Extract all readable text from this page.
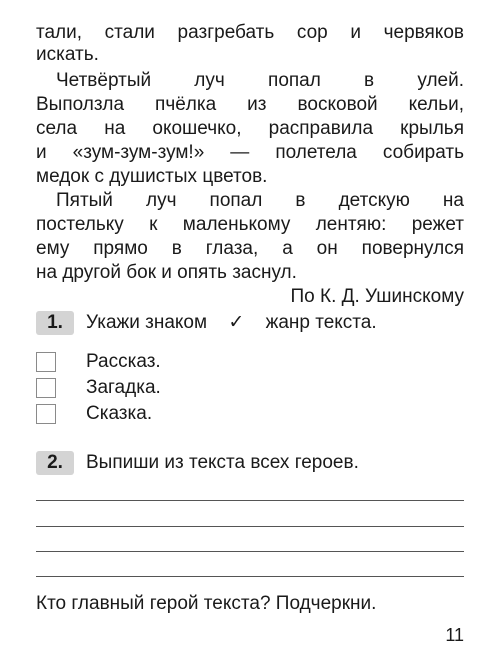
тали, стали разгребать сор и червяков
искать.
Четвёртый луч попал в улей.
Выползла пчёлка из восковой кельи,
села на окошечко, расправила крылья
и «зум-зум-зум!» — полетела собирать
медок с душистых цветов.
Пятый луч попал в детскую на
постельку к маленькому лентяю: режет
ему прямо в глаза, а он повернулся
на другой бок и опять заснул.
По К. Д. Ушинскому
1.	Укажи знаком ✓ жанр текста.
Рассказ.
Загадка.
Сказка.
2.	Выпиши из текста всех героев.
Кто главный герой текста? Подчеркни.
11
